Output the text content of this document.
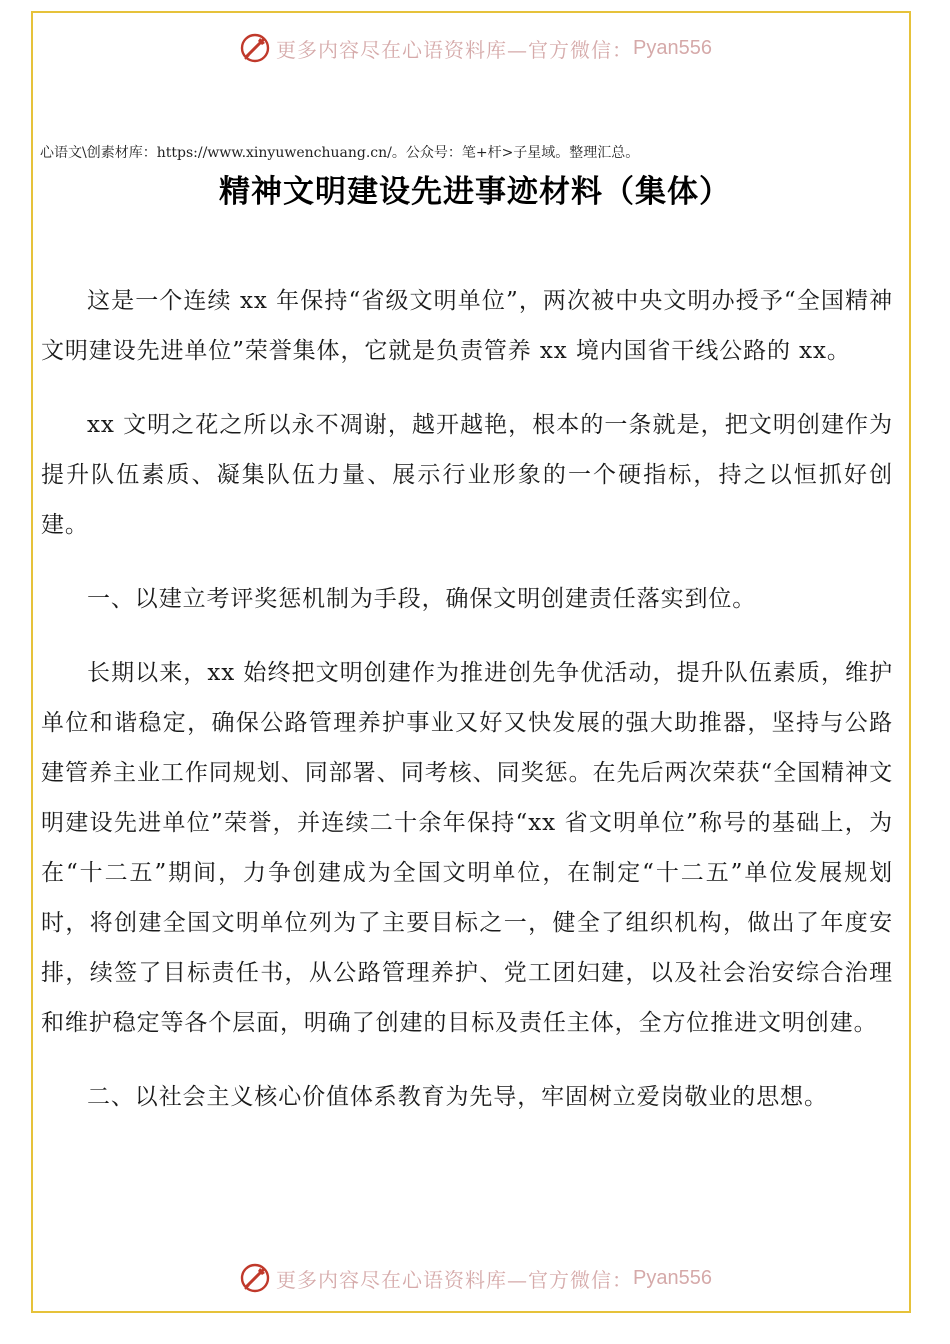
更多内容尽在心语资料库—官方微信： Pyan556
心语文\创素材库：https://www.xinyuwenchuang.cn/。公众号：笔+杆>子星域。整理汇总。
精神文明建设先进事迹材料（集体）

这是一个连续 xx 年保持“省级文明单位”，两次被中央文明办授予“全国精神文明建设先进单位”荣誉集体，它就是负责管养 xx 境内国省干线公路的 xx。

xx 文明之花之所以永不凋谢，越开越艳，根本的一条就是，把文明创建作为提升队伍素质、凝集队伍力量、展示行业形象的一个硬指标，持之以恒抓好创建。

一、以建立考评奖惩机制为手段，确保文明创建责任落实到位。

长期以来，xx 始终把文明创建作为推进创先争优活动，提升队伍素质，维护单位和谐稳定，确保公路管理养护事业又好又快发展的强大助推器，坚持与公路建管养主业工作同规划、同部署、同考核、同奖惩。在先后两次荣获“全国精神文明建设先进单位”荣誉，并连续二十余年保持“xx 省文明单位”称号的基础上，为在“十二五”期间，力争创建成为全国文明单位，在制定“十二五”单位发展规划时，将创建全国文明单位列为了主要目标之一，健全了组织机构，做出了年度安排，续签了目标责任书，从公路管理养护、党工团妇建，以及社会治安综合治理和维护稳定等各个层面，明确了创建的目标及责任主体，全方位推进文明创建。

二、以社会主义核心价值体系教育为先导，牢固树立爱岗敬业的思想。

更多内容尽在心语资料库—官方微信： Pyan556
